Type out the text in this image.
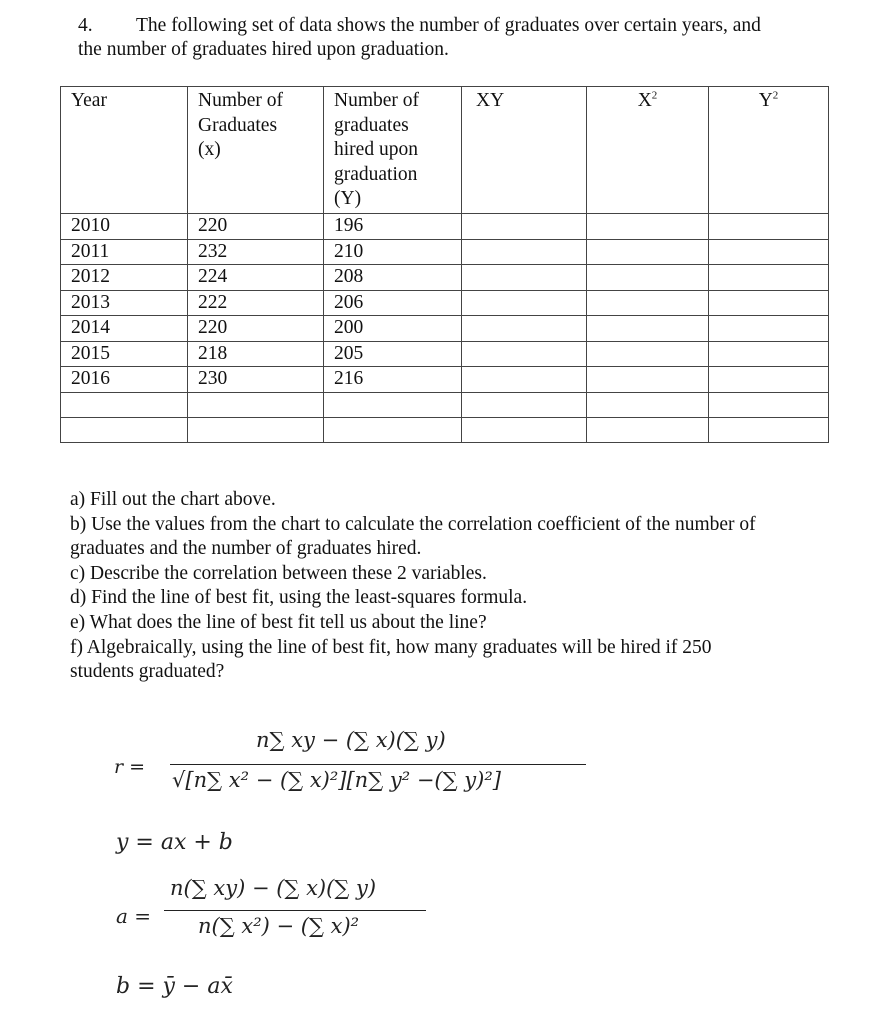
4. The following set of data shows the number of graduates over certain years, and
the number of graduates hired upon graduation.
Year	Number of
Graduates
(x)	Number of
graduates
hired upon
graduation
(Y)	XY	$X^2$	$Y^2$
2010	220	196			
2011	232	210			
2012	224	208			
2013	222	206			
2014	220	200			
2015	218	205			
2016	230	216			

a) Fill out the chart above.

b) Use the values from the chart to calculate the correlation coefficient of the number of

graduates and the number of graduates hired.

c) Describe the correlation between these 2 variables.

d) Find the line of best fit, using the least-squares formula.

e) What does the line of best fit tell us about the line?

f) Algebraically, using the line of best fit, how many graduates will be hired if 250

students graduated?

r =
n∑ xy − (∑ x)(∑ y)
√[n∑ x² − (∑ x)²][n∑ y² −(∑ y)²]
y = ax + b
a =
n(∑ xy) − (∑ x)(∑ y)
n(∑ x²) − (∑ x)²
b = ȳ − ax̄
